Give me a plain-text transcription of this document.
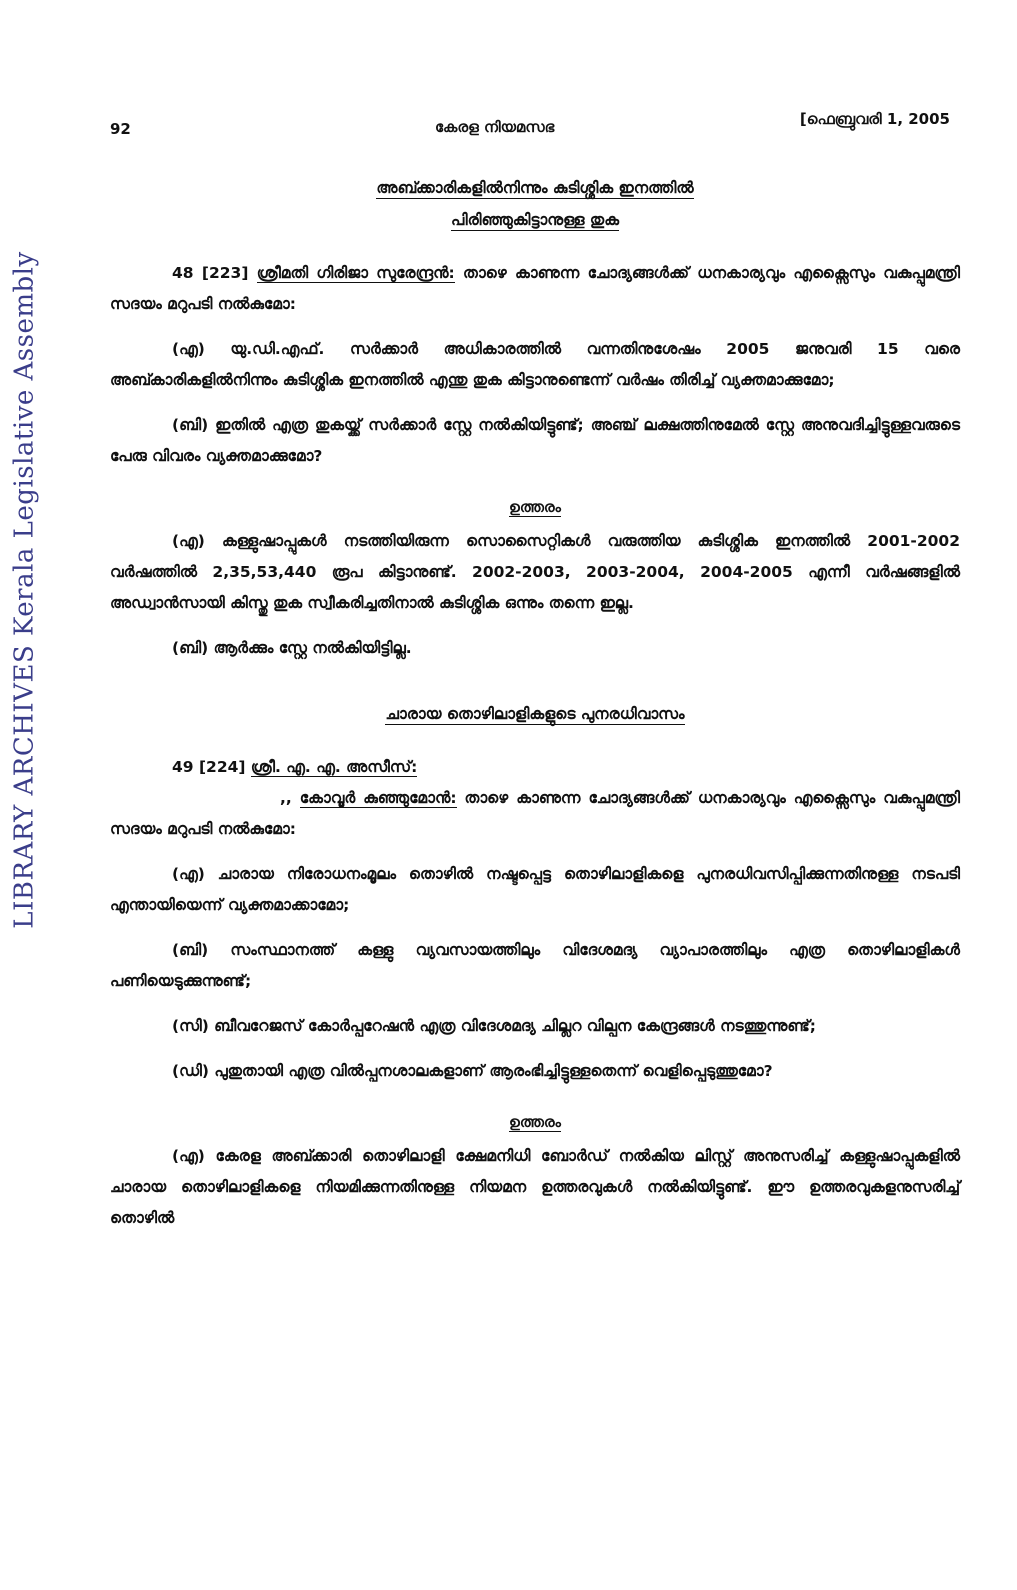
LIBRARY ARCHIVES Kerala Legislative Assembly
92	കേരള നിയമസഭ	[ഫെബ്രുവരി 1, 2005
അബ്ക്കാരികളിൽനിന്നും കുടിശ്ശിക ഇനത്തിൽ
പിരിഞ്ഞുകിട്ടാനുള്ള തുക

48 [223] ശ്രീമതി ഗിരിജാ സുരേന്ദ്രൻ: താഴെ കാണുന്ന ചോദ്യങ്ങൾക്ക് ധനകാര്യവും എക്സൈസും വകുപ്പുമന്ത്രി സദയം മറുപടി നൽകുമോ:

(എ) യു.ഡി.എഫ്. സർക്കാർ അധികാരത്തിൽ വന്നതിനുശേഷം 2005 ജനുവരി 15 വരെ അബ്കാരികളിൽനിന്നും കുടിശ്ശിക ഇനത്തിൽ എന്തു തുക കിട്ടാനുണ്ടെന്ന് വർഷം തിരിച്ച് വ്യക്തമാക്കുമോ;

(ബി) ഇതിൽ എത്ര തുകയ്ക്ക് സർക്കാർ സ്റ്റേ നൽകിയിട്ടുണ്ട്; അഞ്ച് ലക്ഷത്തിനുമേൽ സ്റ്റേ അനുവദിച്ചിട്ടുള്ളവരുടെ പേരു വിവരം വ്യക്തമാക്കുമോ?

ഉത്തരം

(എ) കള്ളുഷാപ്പുകൾ നടത്തിയിരുന്ന സൊസൈറ്റികൾ വരുത്തിയ കുടിശ്ശിക ഇനത്തിൽ 2001-2002 വർഷത്തിൽ 2,35,53,440 രൂപ കിട്ടാനുണ്ട്. 2002-2003, 2003-2004, 2004-2005 എന്നീ വർഷങ്ങളിൽ അഡ്വാൻസായി കിസ്തു തുക സ്വീകരിച്ചതിനാൽ കുടിശ്ശിക ഒന്നും തന്നെ ഇല്ല.

(ബി) ആർക്കും സ്റ്റേ നൽകിയിട്ടില്ല.

ചാരായ തൊഴിലാളികളുടെ പുനരധിവാസം

49 [224] ശ്രീ. എ. എ. അസീസ്:

,, കോവൂർ കുഞ്ഞുമോൻ: താഴെ കാണുന്ന ചോദ്യങ്ങൾക്ക് ധനകാര്യവും എക്സൈസും വകുപ്പുമന്ത്രി സദയം മറുപടി നൽകുമോ:

(എ) ചാരായ നിരോധനംമൂലം തൊഴിൽ നഷ്ടപ്പെട്ട തൊഴിലാളികളെ പുനരധിവസിപ്പിക്കുന്നതിനുള്ള നടപടി എന്തായിയെന്ന് വ്യക്തമാക്കാമോ;

(ബി) സംസ്ഥാനത്ത് കള്ളു വ്യവസായത്തിലും വിദേശമദ്യ വ്യാപാരത്തിലും എത്ര തൊഴിലാളികൾ പണിയെടുക്കുന്നുണ്ട്;

(സി) ബീവറേജസ് കോർപ്പറേഷൻ എത്ര വിദേശമദ്യ ചില്ലറ വില്പന കേന്ദ്രങ്ങൾ നടത്തുന്നുണ്ട്;

(ഡി) പുതുതായി എത്ര വിൽപ്പനശാലകളാണ് ആരംഭിച്ചിട്ടുള്ളതെന്ന് വെളിപ്പെടുത്തുമോ?

ഉത്തരം

(എ) കേരള അബ്ക്കാരി തൊഴിലാളി ക്ഷേമനിധി ബോർഡ് നൽകിയ ലിസ്റ്റ് അനുസരിച്ച് കള്ളുഷാപ്പുകളിൽ ചാരായ തൊഴിലാളികളെ നിയമിക്കുന്നതിനുള്ള നിയമന ഉത്തരവുകൾ നൽകിയിട്ടുണ്ട്. ഈ ഉത്തരവുകളനുസരിച്ച് തൊഴിൽ
